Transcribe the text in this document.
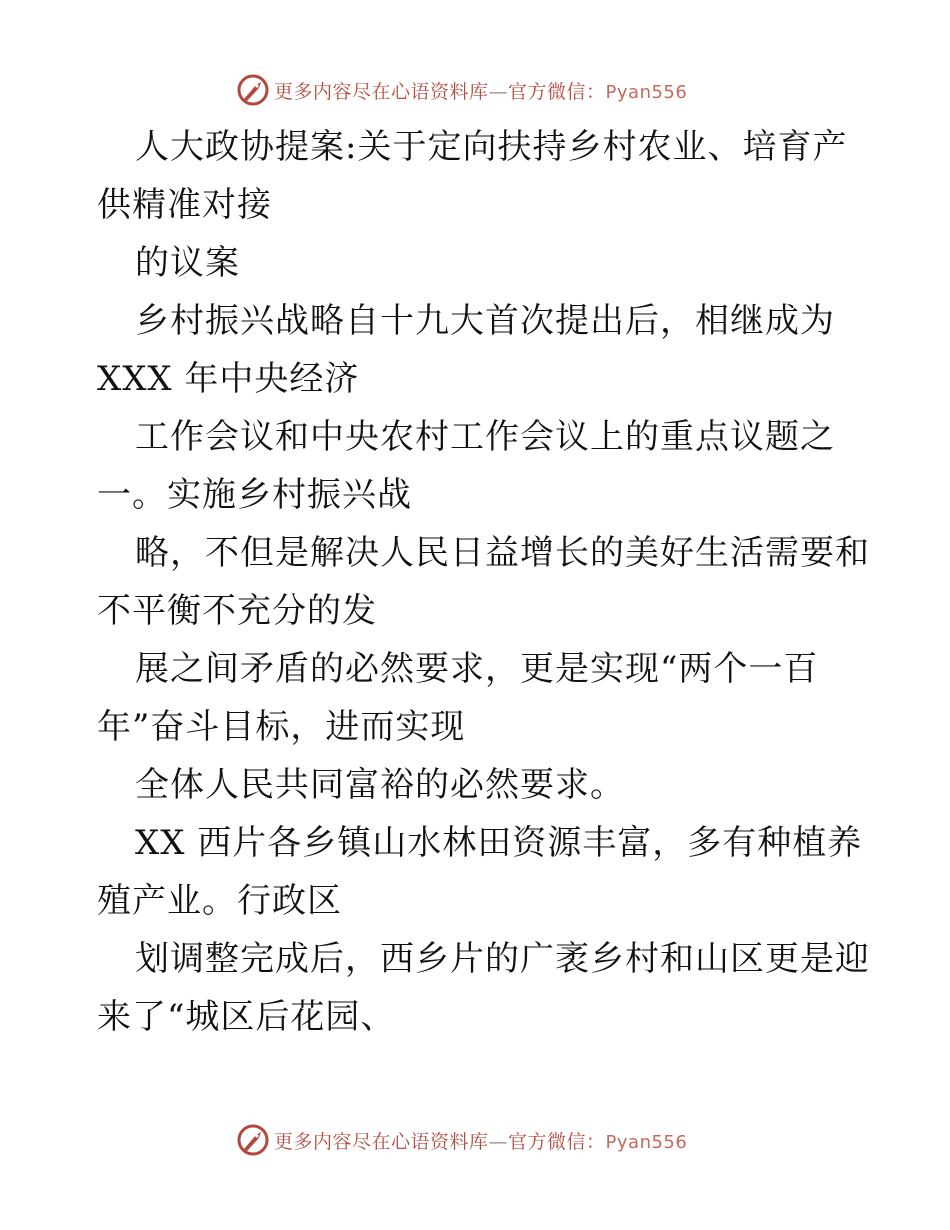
更多内容尽在心语资料库—官方微信：Pyan556
人大政协提案:关于定向扶持乡村农业、培育产
供精准对接
的议案
乡村振兴战略自十九大首次提出后，相继成为
XXX 年中央经济
工作会议和中央农村工作会议上的重点议题之
一。实施乡村振兴战
略，不但是解决人民日益增长的美好生活需要和
不平衡不充分的发
展之间矛盾的必然要求，更是实现“两个一百
年”奋斗目标，进而实现
全体人民共同富裕的必然要求。
XX 西片各乡镇山水林田资源丰富，多有种植养
殖产业。行政区
划调整完成后，西乡片的广袤乡村和山区更是迎
来了“城区后花园、
更多内容尽在心语资料库—官方微信：Pyan556
